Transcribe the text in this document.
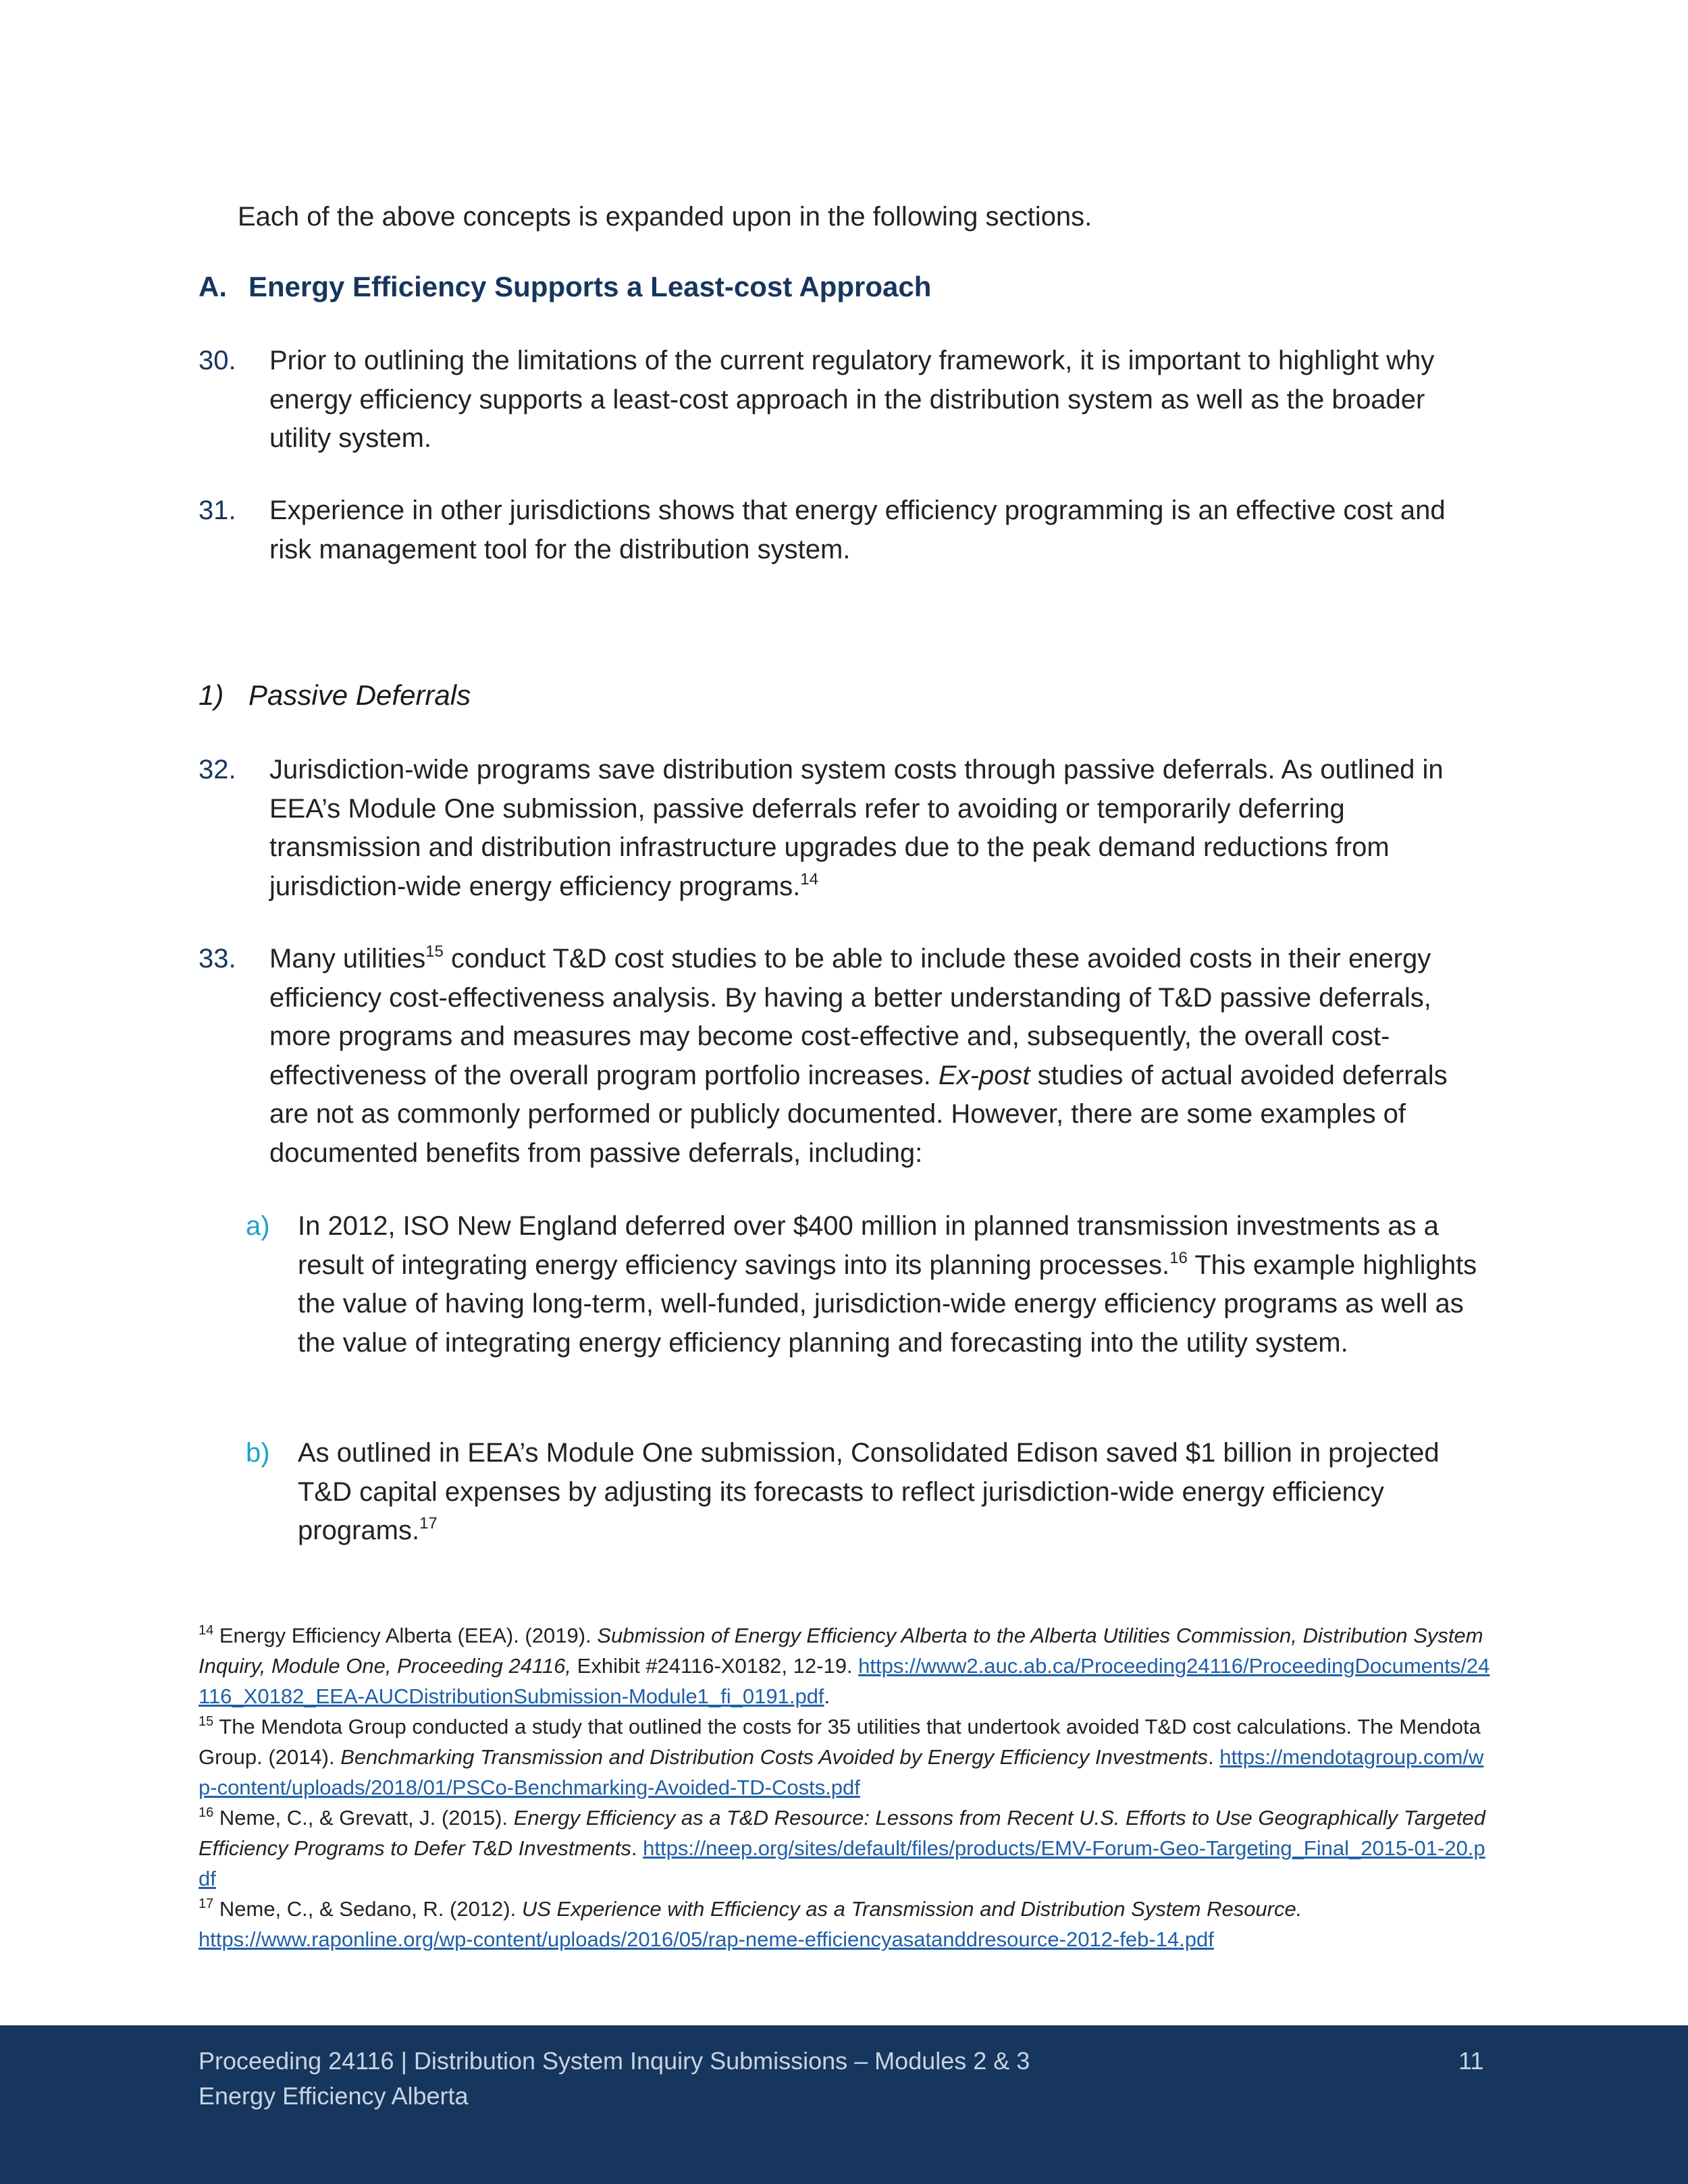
Each of the above concepts is expanded upon in the following sections.
A. Energy Efficiency Supports a Least-cost Approach
30. Prior to outlining the limitations of the current regulatory framework, it is important to highlight why energy efficiency supports a least-cost approach in the distribution system as well as the broader utility system.
31. Experience in other jurisdictions shows that energy efficiency programming is an effective cost and risk management tool for the distribution system.
1) Passive Deferrals
32. Jurisdiction-wide programs save distribution system costs through passive deferrals. As outlined in EEA’s Module One submission, passive deferrals refer to avoiding or temporarily deferring transmission and distribution infrastructure upgrades due to the peak demand reductions from jurisdiction-wide energy efficiency programs.$^{14}$
33. Many utilities$^{15}$ conduct T&D cost studies to be able to include these avoided costs in their energy efficiency cost-effectiveness analysis. By having a better understanding of T&D passive deferrals, more programs and measures may become cost-effective and, subsequently, the overall cost-effectiveness of the overall program portfolio increases. Ex-post studies of actual avoided deferrals are not as commonly performed or publicly documented. However, there are some examples of documented benefits from passive deferrals, including:
a) In 2012, ISO New England deferred over $400 million in planned transmission investments as a result of integrating energy efficiency savings into its planning processes.$^{16}$ This example highlights the value of having long-term, well-funded, jurisdiction-wide energy efficiency programs as well as the value of integrating energy efficiency planning and forecasting into the utility system.
b) As outlined in EEA’s Module One submission, Consolidated Edison saved $1 billion in projected T&D capital expenses by adjusting its forecasts to reflect jurisdiction-wide energy efficiency programs.$^{17}$

$^{14}$ Energy Efficiency Alberta (EEA). (2019). Submission of Energy Efficiency Alberta to the Alberta Utilities Commission, Distribution System Inquiry, Module One, Proceeding 24116, Exhibit #24116-X0182, 12-19. https://www2.auc.ab.ca/Proceeding24116/ProceedingDocuments/24116_X0182_EEA-AUCDistributionSubmission-Module1_fi_0191.pdf.

$^{15}$ The Mendota Group conducted a study that outlined the costs for 35 utilities that undertook avoided T&D cost calculations. The Mendota Group. (2014). Benchmarking Transmission and Distribution Costs Avoided by Energy Efficiency Investments. https://mendotagroup.com/wp-content/uploads/2018/01/PSCo-Benchmarking-Avoided-TD-Costs.pdf

$^{16}$ Neme, C., & Grevatt, J. (2015). Energy Efficiency as a T&D Resource: Lessons from Recent U.S. Efforts to Use Geographically Targeted Efficiency Programs to Defer T&D Investments. https://neep.org/sites/default/files/products/EMV-Forum-Geo-Targeting_Final_2015-01-20.pdf

$^{17}$ Neme, C., & Sedano, R. (2012). US Experience with Efficiency as a Transmission and Distribution System Resource.
https://www.raponline.org/wp-content/uploads/2016/05/rap-neme-efficiencyasatanddresource-2012-feb-14.pdf

Proceeding 24116 | Distribution System Inquiry Submissions – Modules 2 & 3
Energy Efficiency Alberta
11
